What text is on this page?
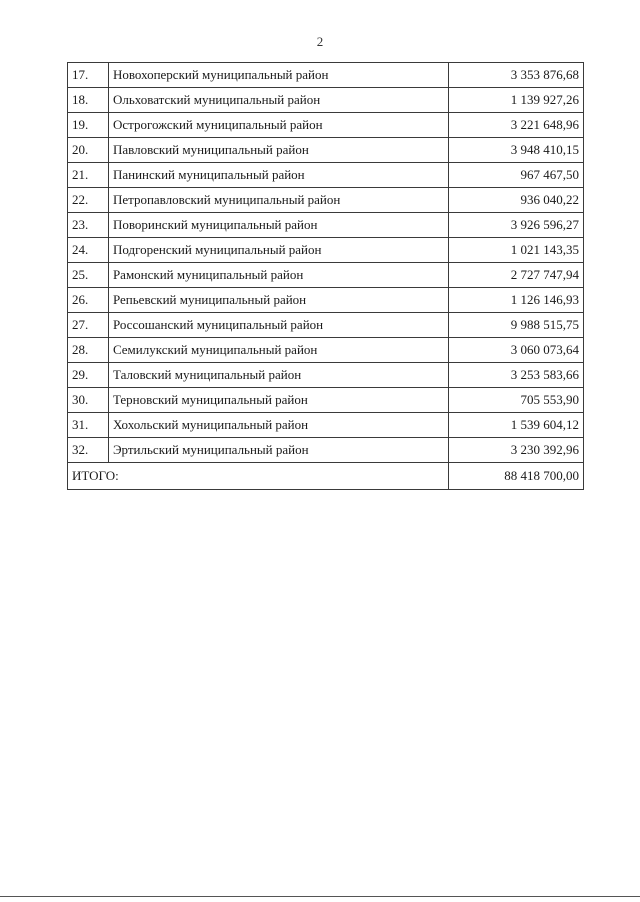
2
17.	Новохоперский муниципальный район	3 353 876,68
18.	Ольховатский муниципальный район	1 139 927,26
19.	Острогожский муниципальный район	3 221 648,96
20.	Павловский муниципальный район	3 948 410,15
21.	Панинский муниципальный район	967 467,50
22.	Петропавловский муниципальный район	936 040,22
23.	Поворинский муниципальный район	3 926 596,27
24.	Подгоренский муниципальный район	1 021 143,35
25.	Рамонский муниципальный район	2 727 747,94
26.	Репьевский муниципальный район	1 126 146,93
27.	Россошанский муниципальный район	9 988 515,75
28.	Семилукский муниципальный район	3 060 073,64
29.	Таловский муниципальный район	3 253 583,66
30.	Терновский муниципальный район	705 553,90
31.	Хохольский муниципальный район	1 539 604,12
32.	Эртильский муниципальный район	3 230 392,96
ИТОГО:		88 418 700,00
